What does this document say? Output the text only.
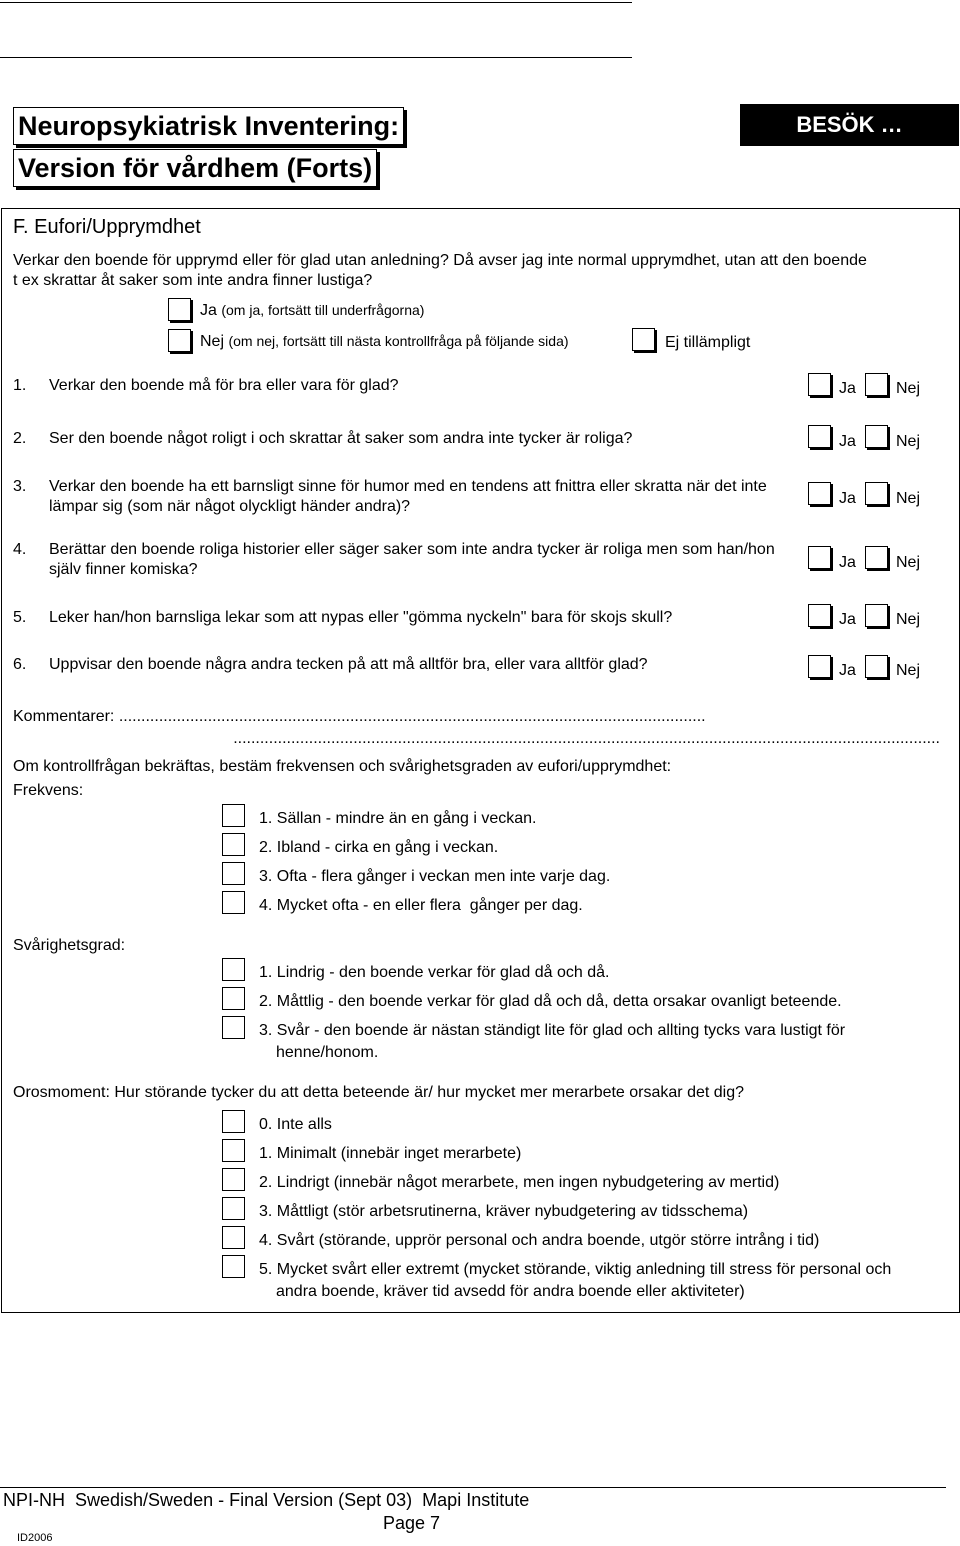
Neuropsykiatrisk Inventering:
Version för vårdhem (Forts)
BESÖK …
F. Eufori/Upprymdhet
Verkar den boende för upprymd eller för glad utan anledning? Då avser jag inte normal upprymdhet, utan att den boende
t ex skrattar åt saker som inte andra finner lustiga?
Ja (om ja, fortsätt till underfrågorna)
Nej (om nej, fortsätt till nästa kontrollfråga på följande sida)	Ej tillämpligt
1. Verkar den boende må för bra eller vara för glad?	Ja	Nej
2. Ser den boende något roligt i och skrattar åt saker som andra inte tycker är roliga?	Ja	Nej
3. Verkar den boende ha ett barnsligt sinne för humor med en tendens att fnittra eller skratta när det inte lämpar sig (som när något olyckligt händer andra)?	Ja	Nej
4. Berättar den boende roliga historier eller säger saker som inte andra tycker är roliga men som han/hon själv finner komiska?	Ja	Nej
5. Leker han/hon barnsliga lekar som att nypas eller "gömma nyckeln" bara för skojs skull?	Ja	Nej
6. Uppvisar den boende några andra tecken på att må alltför bra, eller vara alltför glad?	Ja	Nej
Kommentarer: ....................................................................................................................................
...............................................................................................................................................................
Om kontrollfrågan bekräftas, bestäm frekvensen och svårighetsgraden av eufori/upprymdhet:
Frekvens:
1. Sällan - mindre än en gång i veckan.
2. Ibland - cirka en gång i veckan.
3. Ofta - flera gånger i veckan men inte varje dag.
4. Mycket ofta - en eller flera  gånger per dag.
Svårighetsgrad:
1. Lindrig - den boende verkar för glad då och då.
2. Måttlig - den boende verkar för glad då och då, detta orsakar ovanligt beteende.
3. Svår - den boende är nästan ständigt lite för glad och allting tycks vara lustigt för
henne/honom.
Orosmoment: Hur störande tycker du att detta beteende är/ hur mycket mer merarbete orsakar det dig?
0. Inte alls
1. Minimalt (innebär inget merarbete)
2. Lindrigt (innebär något merarbete, men ingen nybudgetering av mertid)
3. Måttligt (stör arbetsrutinerna, kräver nybudgetering av tidsschema)
4. Svårt (störande, upprör personal och andra boende, utgör större intrång i tid)
5. Mycket svårt eller extremt (mycket störande, viktig anledning till stress för personal och
andra boende, kräver tid avsedd för andra boende eller aktiviteter)
NPI-NH  Swedish/Sweden - Final Version (Sept 03)  Mapi Institute
ID2006
Page 7
